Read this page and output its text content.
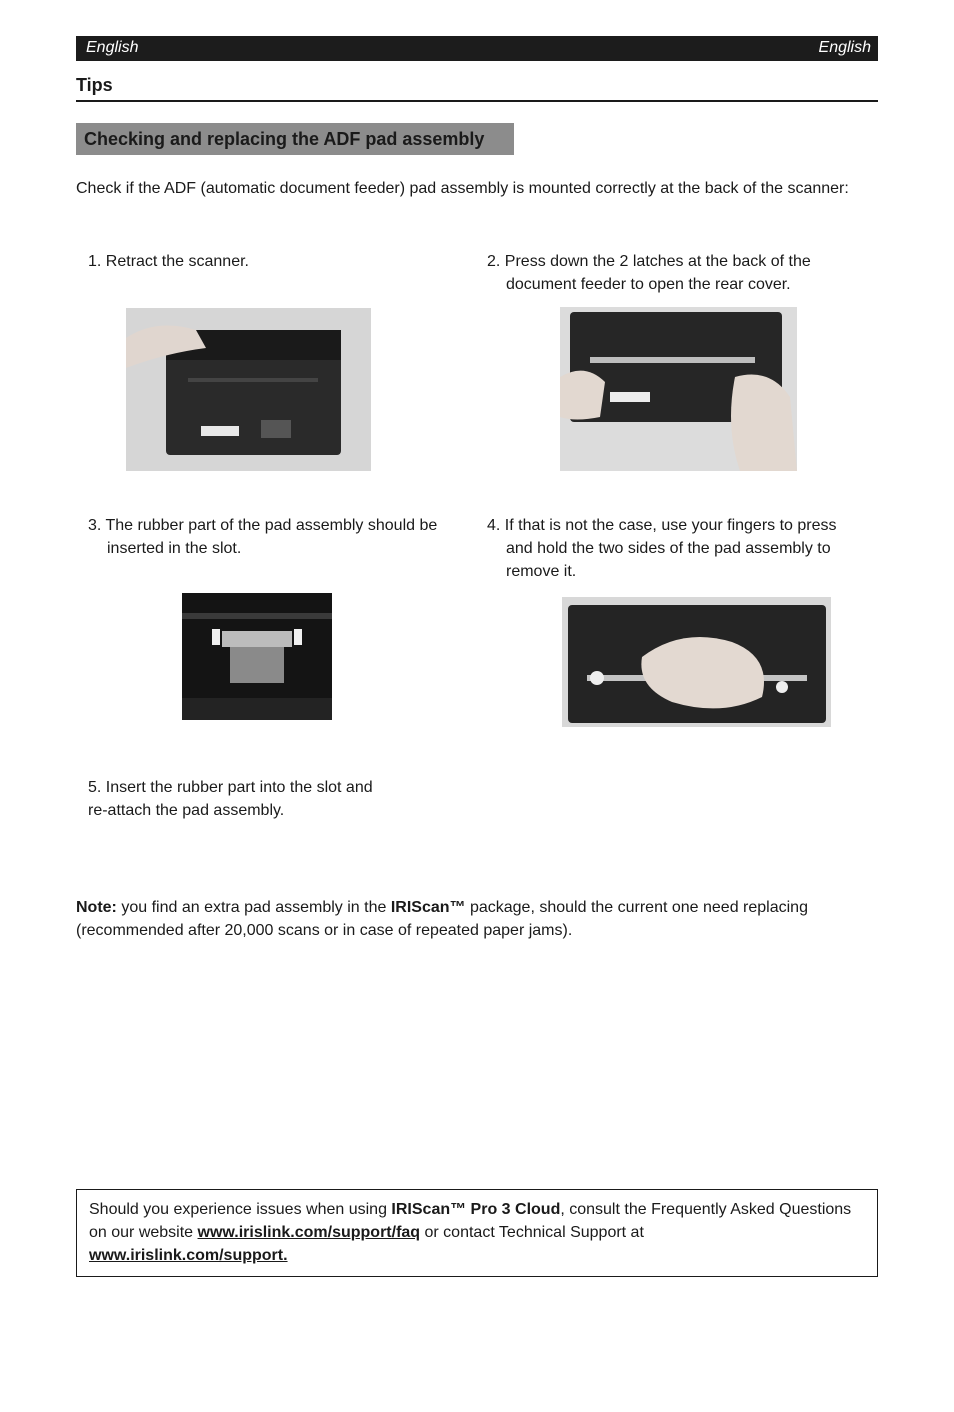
English	English
Tips
Checking and replacing the ADF pad assembly
Check if the ADF (automatic document feeder) pad assembly is mounted correctly at the back of the scanner:
1. Retract the scanner.	2. Press down the 2 latches at the back of the
document feeder to open the rear cover.
3. The rubber part of the pad assembly should be
inserted in the slot.
4. If that is not the case, use your fingers to press
and hold the two sides of the pad assembly to
remove it.
5. Insert the rubber part into the slot and
re-attach the pad assembly.
Note: you find an extra pad assembly in the IRIScan™ package, should the current one need replacing (recommended after 20,000 scans or in case of repeated paper jams).
Should you experience issues when using IRIScan™ Pro 3 Cloud, consult the Frequently Asked Questions on our website www.irislink.com/support/faq or contact Technical Support at
www.irislink.com/support.
